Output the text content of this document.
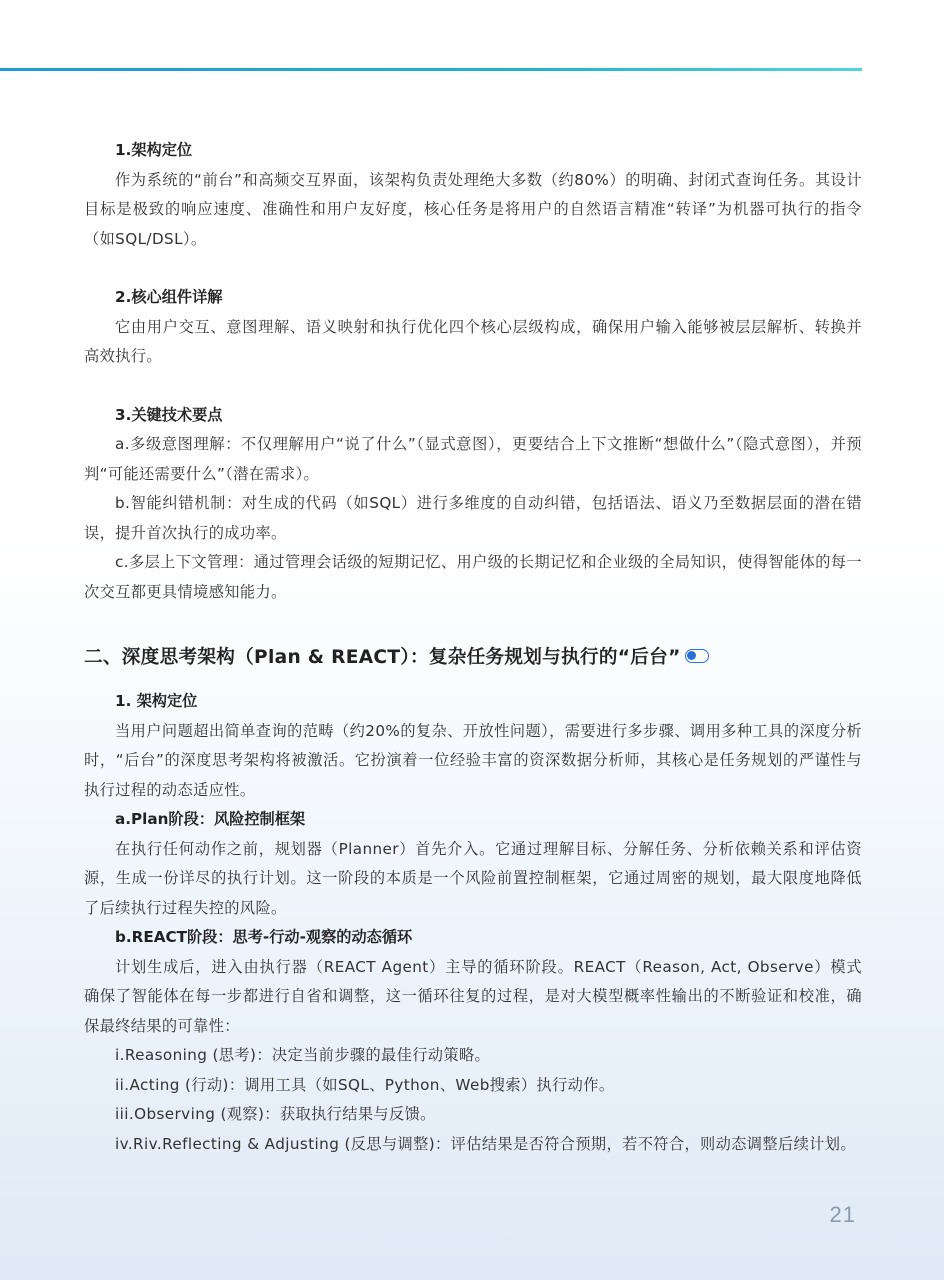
1.架构定位

作为系统的“前台”和高频交互界面，该架构负责处理绝大多数（约80%）的明确、封闭式查询任务。其设计目标是极致的响应速度、准确性和用户友好度，核心任务是将用户的自然语言精准“转译”为机器可执行的指令（如SQL/DSL）。

2.核心组件详解

它由用户交互、意图理解、语义映射和执行优化四个核心层级构成，确保用户输入能够被层层解析、转换并高效执行。

3.关键技术要点

a.多级意图理解：不仅理解用户“说了什么”（显式意图），更要结合上下文推断“想做什么”（隐式意图），并预判“可能还需要什么”（潜在需求）。

b.智能纠错机制：对生成的代码（如SQL）进行多维度的自动纠错，包括语法、语义乃至数据层面的潜在错误，提升首次执行的成功率。

c.多层上下文管理：通过管理会话级的短期记忆、用户级的长期记忆和企业级的全局知识，使得智能体的每一次交互都更具情境感知能力。

二、深度思考架构（Plan & REACT）：复杂任务规划与执行的“后台”

1. 架构定位

当用户问题超出简单查询的范畴（约20%的复杂、开放性问题），需要进行多步骤、调用多种工具的深度分析时，“后台”的深度思考架构将被激活。它扮演着一位经验丰富的资深数据分析师，其核心是任务规划的严谨性与执行过程的动态适应性。

a.Plan阶段：风险控制框架

在执行任何动作之前，规划器（Planner）首先介入。它通过理解目标、分解任务、分析依赖关系和评估资源，生成一份详尽的执行计划。这一阶段的本质是一个风险前置控制框架，它通过周密的规划，最大限度地降低了后续执行过程失控的风险。

b.REACT阶段：思考-行动-观察的动态循环

计划生成后，进入由执行器（REACT Agent）主导的循环阶段。REACT（Reason, Act, Observe）模式确保了智能体在每一步都进行自省和调整，这一循环往复的过程，是对大模型概率性输出的不断验证和校准，确保最终结果的可靠性：

i.Reasoning (思考)：决定当前步骤的最佳行动策略。

ii.Acting (行动)：调用工具（如SQL、Python、Web搜索）执行动作。

iii.Observing (观察)：获取执行结果与反馈。

iv.Riv.Reflecting & Adjusting (反思与调整)：评估结果是否符合预期，若不符合，则动态调整后续计划。

21
